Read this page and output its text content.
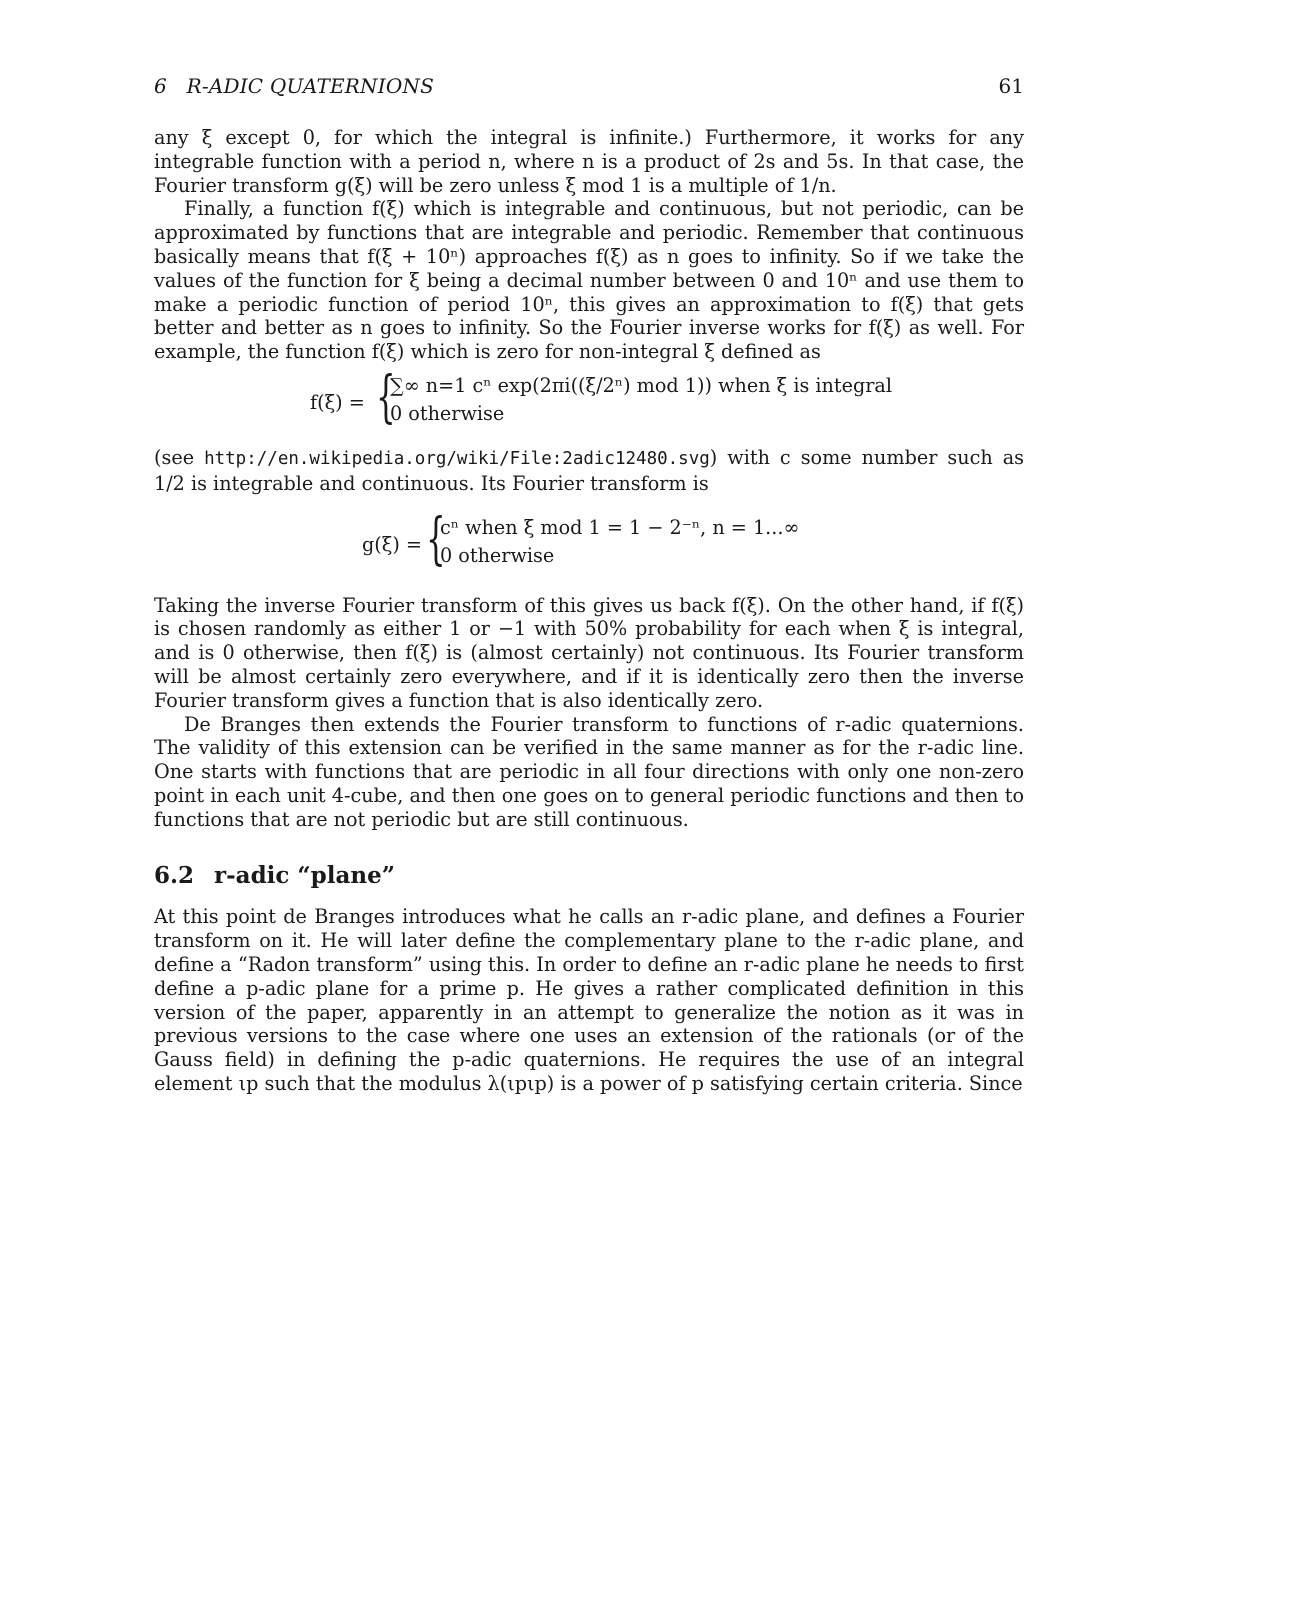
6   R-ADIC QUATERNIONS	61

any ξ except 0, for which the integral is infinite.) Furthermore, it works for any integrable function with a period n, where n is a product of 2s and 5s. In that case, the Fourier transform g(ξ) will be zero unless ξ mod 1 is a multiple of 1/n.

Finally, a function f(ξ) which is integrable and continuous, but not periodic, can be approximated by functions that are integrable and periodic. Remember that continuous basically means that f(ξ + 10ⁿ) approaches f(ξ) as n goes to infinity. So if we take the values of the function for ξ being a decimal number between 0 and 10ⁿ and use them to make a periodic function of period 10ⁿ, this gives an approximation to f(ξ) that gets better and better as n goes to infinity. So the Fourier inverse works for f(ξ) as well. For example, the function f(ξ) which is zero for non-integral ξ defined as

f(ξ) = {
∑∞ n=1 cⁿ exp(2πi((ξ/2ⁿ) mod 1)) when ξ is integral
0 otherwise

(see http://en.wikipedia.org/wiki/File:2adic12480.svg) with c some number such as 1/2 is integrable and continuous. Its Fourier transform is

g(ξ) = {
cⁿ when ξ mod 1 = 1 − 2⁻ⁿ, n = 1...∞
0 otherwise

Taking the inverse Fourier transform of this gives us back f(ξ). On the other hand, if f(ξ) is chosen randomly as either 1 or −1 with 50% probability for each when ξ is integral, and is 0 otherwise, then f(ξ) is (almost certainly) not continuous. Its Fourier transform will be almost certainly zero everywhere, and if it is identically zero then the inverse Fourier transform gives a function that is also identically zero.

De Branges then extends the Fourier transform to functions of r-adic quaternions. The validity of this extension can be verified in the same manner as for the r-adic line. One starts with functions that are periodic in all four directions with only one non-zero point in each unit 4-cube, and then one goes on to general periodic functions and then to functions that are not periodic but are still continuous.

6.2 r-adic “plane”

At this point de Branges introduces what he calls an r-adic plane, and defines a Fourier transform on it. He will later define the complementary plane to the r-adic plane, and define a “Radon transform” using this. In order to define an r-adic plane he needs to first define a p-adic plane for a prime p. He gives a rather complicated definition in this version of the paper, apparently in an attempt to generalize the notion as it was in previous versions to the case where one uses an extension of the rationals (or of the Gauss field) in defining the p-adic quaternions. He requires the use of an integral element ιp such that the modulus λ(ιpιp) is a power of p satisfying certain criteria. Since
